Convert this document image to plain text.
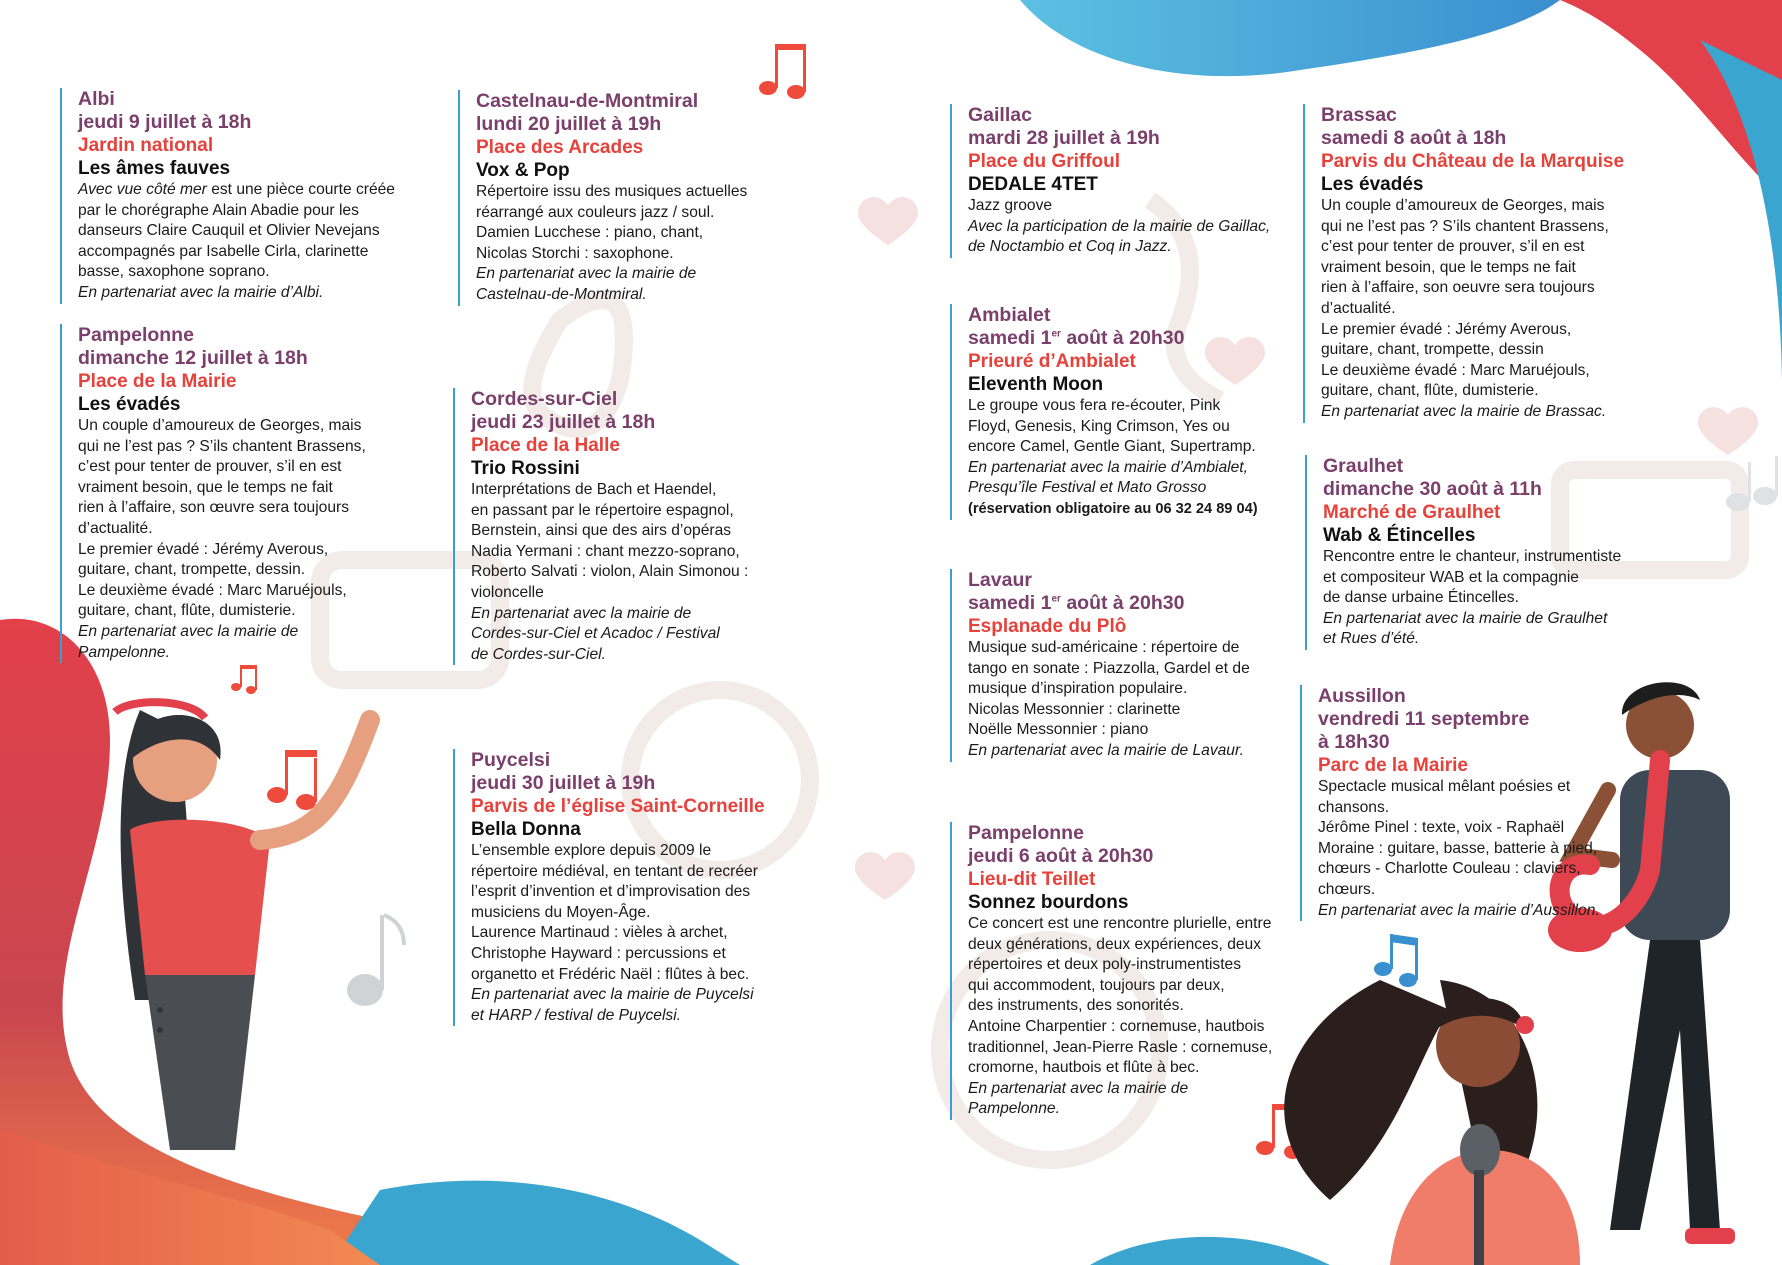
Albi
jeudi 9 juillet à 18h
Jardin national
Les âmes fauves
Avec vue côté mer est une pièce courte créée
par le chorégraphe Alain Abadie pour les
danseurs Claire Cauquil et Olivier Nevejans
accompagnés par Isabelle Cirla, clarinette
basse, saxophone soprano.
En partenariat avec la mairie d’Albi.
Pampelonne
dimanche 12 juillet à 18h
Place de la Mairie
Les évadés
Un couple d’amoureux de Georges, mais
qui ne l’est pas ? S’ils chantent Brassens,
c’est pour tenter de prouver, s’il en est
vraiment besoin, que le temps ne fait
rien à l’affaire, son œuvre sera toujours
d’actualité.
Le premier évadé : Jérémy Averous,
guitare, chant, trompette, dessin.
Le deuxième évadé : Marc Maruéjouls,
guitare, chant, flûte, dumisterie.
En partenariat avec la mairie de
Pampelonne.
Castelnau-de-Montmiral
lundi 20 juillet à 19h
Place des Arcades
Vox & Pop
Répertoire issu des musiques actuelles
réarrangé aux couleurs jazz / soul.
Damien Lucchese : piano, chant,
Nicolas Storchi : saxophone.
En partenariat avec la mairie de
Castelnau-de-Montmiral.
Cordes-sur-Ciel
jeudi 23 juillet à 18h
Place de la Halle
Trio Rossini
Interprétations de Bach et Haendel,
en passant par le répertoire espagnol,
Bernstein, ainsi que des airs d’opéras
Nadia Yermani : chant mezzo-soprano,
Roberto Salvati : violon, Alain Simonou :
violoncelle
En partenariat avec la mairie de
Cordes-sur-Ciel et Acadoc / Festival
de Cordes-sur-Ciel.
Puycelsi
jeudi 30 juillet à 19h
Parvis de l’église Saint-Corneille
Bella Donna
L’ensemble explore depuis 2009 le
répertoire médiéval, en tentant de recréer
l’esprit d’invention et d’improvisation des
musiciens du Moyen-Âge.
Laurence Martinaud : vièles à archet,
Christophe Hayward : percussions et
organetto et Frédéric Naël : flûtes à bec.
En partenariat avec la mairie de Puycelsi
et HARP / festival de Puycelsi.
Gaillac
mardi 28 juillet à 19h
Place du Griffoul
DEDALE 4TET
Jazz groove
Avec la participation de la mairie de Gaillac,
de Noctambio et Coq in Jazz.
Ambialet
samedi 1er août à 20h30
Prieuré d’Ambialet
Eleventh Moon
Le groupe vous fera re-écouter, Pink
Floyd, Genesis, King Crimson, Yes ou
encore Camel, Gentle Giant, Supertramp.
En partenariat avec la mairie d’Ambialet,
Presqu’île Festival et Mato Grosso
(réservation obligatoire au 06 32 24 89 04)
Lavaur
samedi 1er août à 20h30
Esplanade du Plô
Musique sud-américaine : répertoire de
tango en sonate : Piazzolla, Gardel et de
musique d’inspiration populaire.
Nicolas Messonnier : clarinette
Noëlle Messonnier : piano
En partenariat avec la mairie de Lavaur.
Pampelonne
jeudi 6 août à 20h30
Lieu-dit Teillet
Sonnez bourdons
Ce concert est une rencontre plurielle, entre
deux générations, deux expériences, deux
répertoires et deux poly-instrumentistes
qui accommodent, toujours par deux,
des instruments, des sonorités.
Antoine Charpentier : cornemuse, hautbois
traditionnel, Jean-Pierre Rasle : cornemuse,
cromorne, hautbois et flûte à bec.
En partenariat avec la mairie de
Pampelonne.
Brassac
samedi 8 août à 18h
Parvis du Château de la Marquise
Les évadés
Un couple d’amoureux de Georges, mais
qui ne l’est pas ? S’ils chantent Brassens,
c’est pour tenter de prouver, s’il en est
vraiment besoin, que le temps ne fait
rien à l’affaire, son oeuvre sera toujours
d’actualité.
Le premier évadé : Jérémy Averous,
guitare, chant, trompette, dessin
Le deuxième évadé : Marc Maruéjouls,
guitare, chant, flûte, dumisterie.
En partenariat avec la mairie de Brassac.
Graulhet
dimanche 30 août à 11h
Marché de Graulhet
Wab & Étincelles
Rencontre entre le chanteur, instrumentiste
et compositeur WAB et la compagnie
de danse urbaine Étincelles.
En partenariat avec la mairie de Graulhet
et Rues d’été.
Aussillon
vendredi 11 septembre
à 18h30
Parc de la Mairie
Spectacle musical mêlant poésies et
chansons.
Jérôme Pinel : texte, voix - Raphaël
Moraine : guitare, basse, batterie à pied,
chœurs - Charlotte Couleau : claviers,
chœurs.
En partenariat avec la mairie d’Aussillon.
